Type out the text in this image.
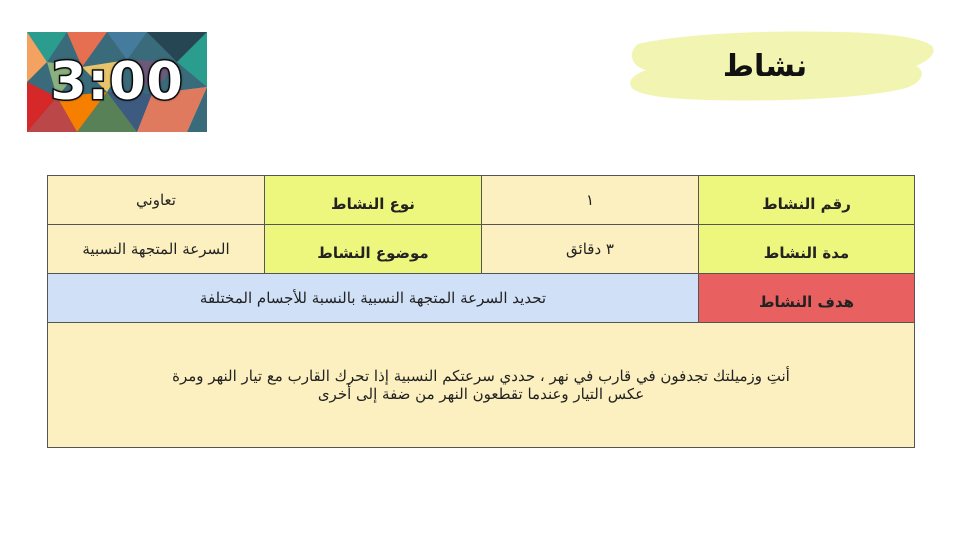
3:00	نشاط
رقم النشاط	١	نوع النشاط	تعاوني
مدة النشاط	٣ دقائق	موضوع النشاط	السرعة المتجهة النسبية
هدف النشاط	تحديد السرعة المتجهة النسبية بالنسبة للأجسام المختلفة		

أنتِ وزميلتك تجدفون في قارب في نهر ، حددي سرعتكم النسبية إذا تحرك القارب مع تيار النهر ومرة
عكس التيار وعندما تقطعون النهر من ضفة إلى أخرى			
